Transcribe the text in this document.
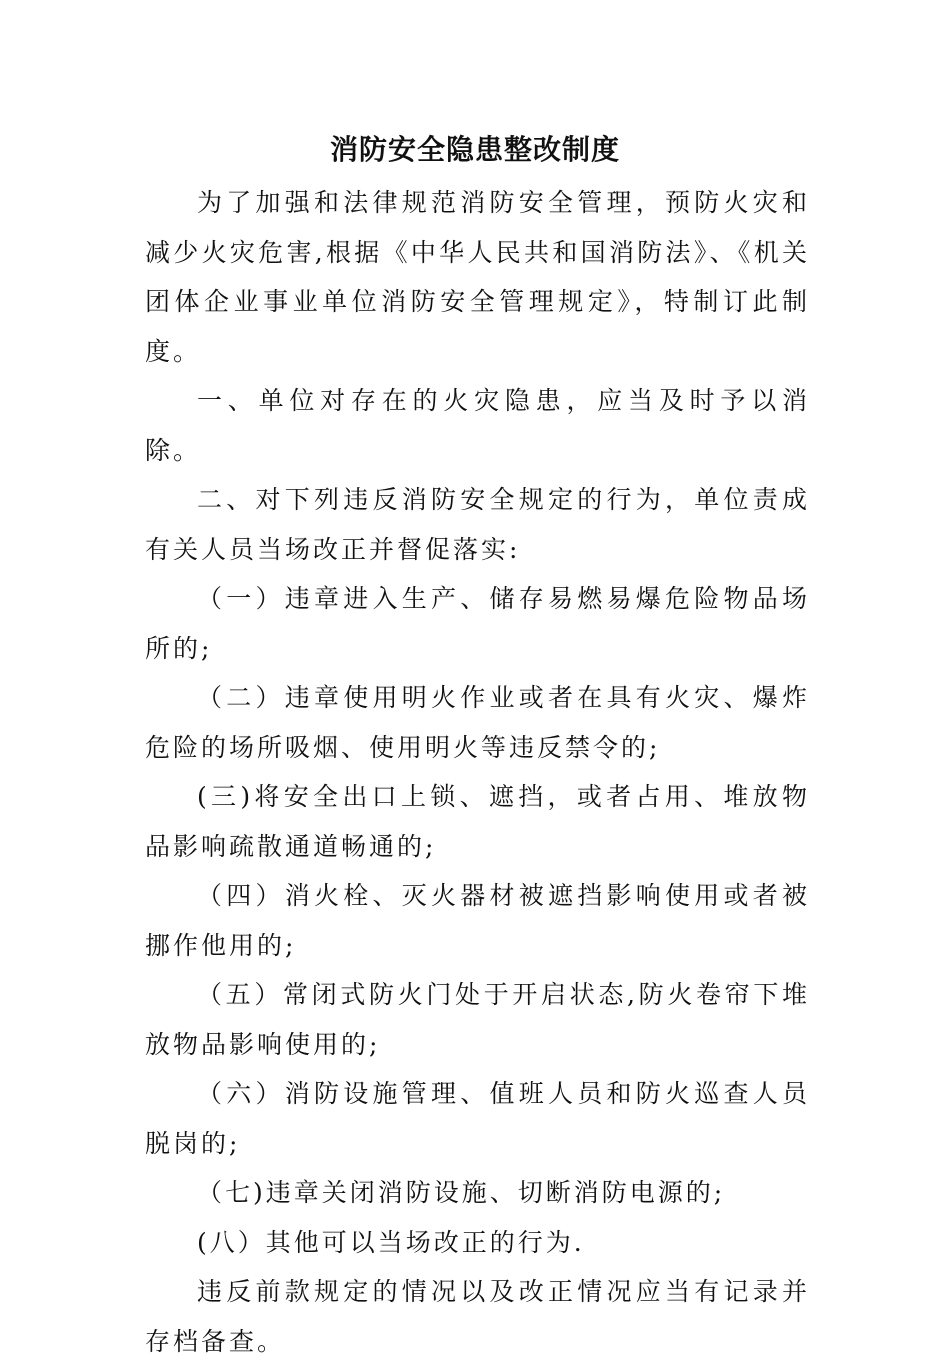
消防安全隐患整改制度

为了加强和法律规范消防安全管理，预防火灾和减少火灾危害,根据《中华人民共和国消防法》、《机关团体企业事业单位消防安全管理规定》，特制订此制度。

一、单位对存在的火灾隐患，应当及时予以消除。

二、对下列违反消防安全规定的行为，单位责成有关人员当场改正并督促落实:

（一）违章进入生产、储存易燃易爆危险物品场所的;

（二）违章使用明火作业或者在具有火灾、爆炸危险的场所吸烟、使用明火等违反禁令的;

(三)将安全出口上锁、遮挡，或者占用、堆放物品影响疏散通道畅通的;

（四）消火栓、灭火器材被遮挡影响使用或者被挪作他用的;

（五）常闭式防火门处于开启状态,防火卷帘下堆放物品影响使用的;

（六）消防设施管理、值班人员和防火巡查人员脱岗的;

（七)违章关闭消防设施、切断消防电源的;

(八）其他可以当场改正的行为.

违反前款规定的情况以及改正情况应当有记录并存档备查。
